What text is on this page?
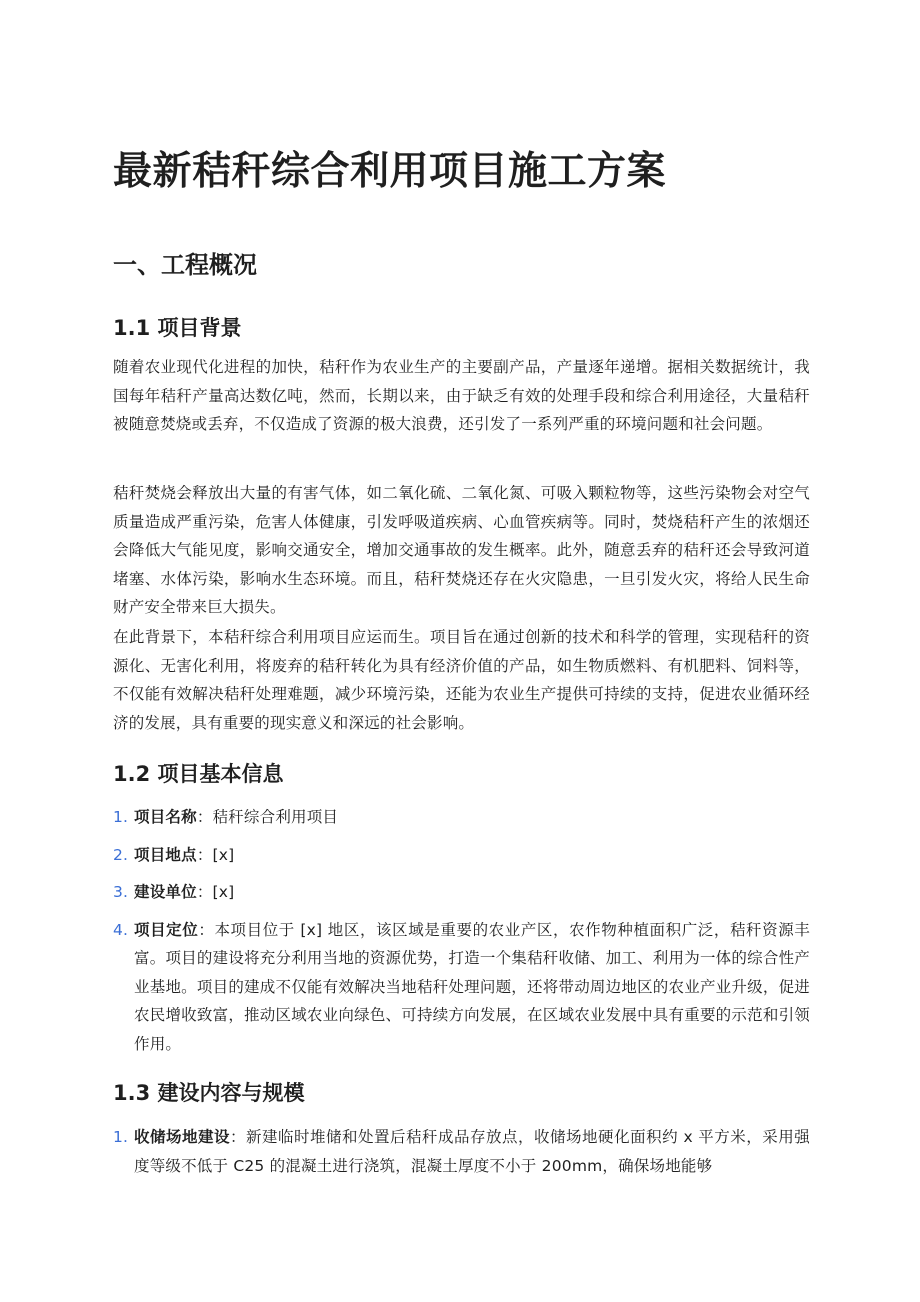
最新秸秆综合利用项目施工方案
一、工程概况
1.1 项目背景

随着农业现代化进程的加快，秸秆作为农业生产的主要副产品，产量逐年递增。据相关数据统计，我国每年秸秆产量高达数亿吨，然而，长期以来，由于缺乏有效的处理手段和综合利用途径，大量秸秆被随意焚烧或丢弃，不仅造成了资源的极大浪费，还引发了一系列严重的环境问题和社会问题。

秸秆焚烧会释放出大量的有害气体，如二氧化硫、二氧化氮、可吸入颗粒物等，这些污染物会对空气质量造成严重污染，危害人体健康，引发呼吸道疾病、心血管疾病等。同时，焚烧秸秆产生的浓烟还会降低大气能见度，影响交通安全，增加交通事故的发生概率。此外，随意丢弃的秸秆还会导致河道堵塞、水体污染，影响水生态环境。而且，秸秆焚烧还存在火灾隐患，一旦引发火灾，将给人民生命财产安全带来巨大损失。

在此背景下，本秸秆综合利用项目应运而生。项目旨在通过创新的技术和科学的管理，实现秸秆的资源化、无害化利用，将废弃的秸秆转化为具有经济价值的产品，如生物质燃料、有机肥料、饲料等，不仅能有效解决秸秆处理难题，减少环境污染，还能为农业生产提供可持续的支持，促进农业循环经济的发展，具有重要的现实意义和深远的社会影响。

1.2 项目基本信息
1. 项目名称：秸秆综合利用项目
2. 项目地点：[x]
3. 建设单位：[x]
4. 项目定位：本项目位于 [x] 地区，该区域是重要的农业产区，农作物种植面积广泛，秸秆资源丰富。项目的建设将充分利用当地的资源优势，打造一个集秸秆收储、加工、利用为一体的综合性产业基地。项目的建成不仅能有效解决当地秸秆处理问题，还将带动周边地区的农业产业升级，促进农民增收致富，推动区域农业向绿色、可持续方向发展，在区域农业发展中具有重要的示范和引领作用。
1.3 建设内容与规模
1. 收储场地建设：新建临时堆储和处置后秸秆成品存放点，收储场地硬化面积约 x 平方米，采用强度等级不低于 C25 的混凝土进行浇筑，混凝土厚度不小于 200mm，确保场地能够
